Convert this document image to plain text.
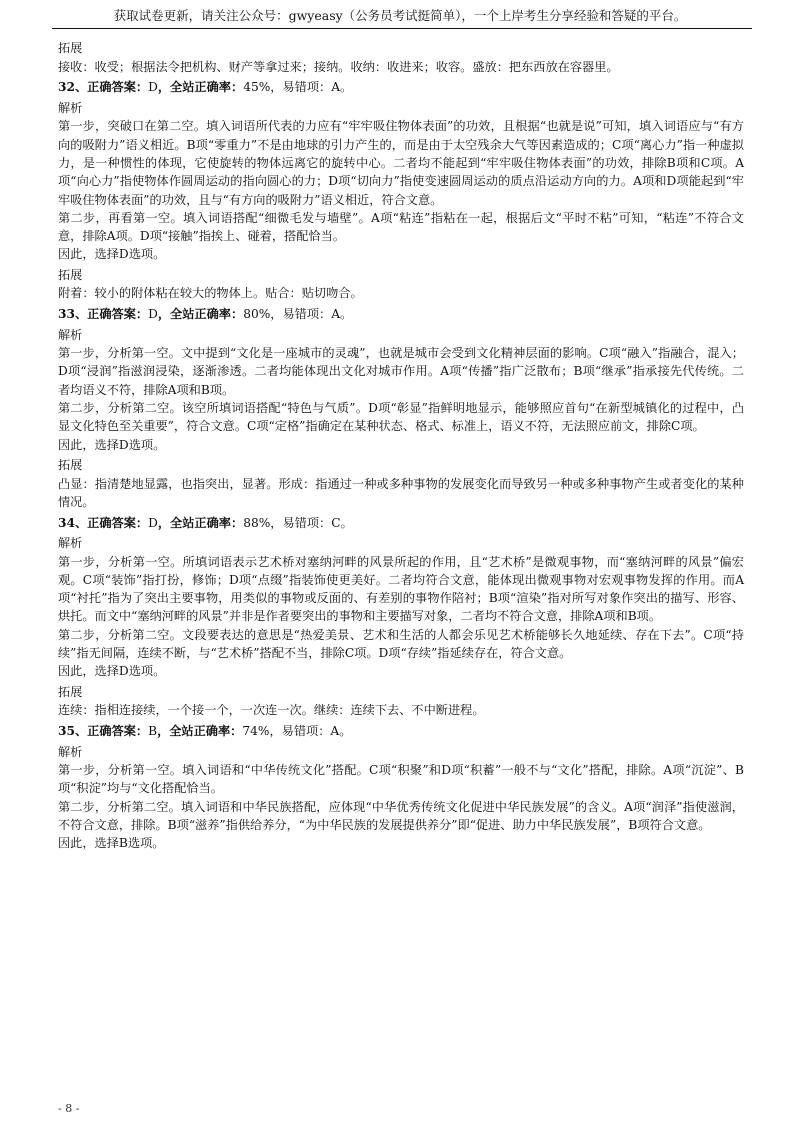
获取试卷更新，请关注公众号：gwyeasy（公务员考试挺简单），一个上岸考生分享经验和答疑的平台。

拓展

接收：收受；根据法令把机构、财产等拿过来；接纳。收纳：收进来；收容。盛放：把东西放在容器里。

32、正确答案：D，全站正确率：45%，易错项：A。

解析

第一步，突破口在第二空。填入词语所代表的力应有“牢牢吸住物体表面”的功效，且根据“也就是说”可知，填入词语应与“有方向的吸附力”语义相近。B项“零重力”不是由地球的引力产生的，而是由于太空残余大气等因素造成的；C项“离心力”指一种虚拟力，是一种惯性的体现，它使旋转的物体远离它的旋转中心。二者均不能起到“牢牢吸住物体表面”的功效，排除B项和C项。A项“向心力”指使物体作圆周运动的指向圆心的力；D项“切向力”指使变速圆周运动的质点沿运动方向的力。A项和D项能起到“牢牢吸住物体表面”的功效，且与“有方向的吸附力”语义相近，符合文意。

第二步，再看第一空。填入词语搭配“细微毛发与墙壁”。A项“粘连”指粘在一起，根据后文“平时不粘”可知，“粘连”不符合文意，排除A项。D项“接触”指挨上、碰着，搭配恰当。

因此，选择D选项。

拓展

附着：较小的附体粘在较大的物体上。贴合：贴切吻合。

33、正确答案：D，全站正确率：80%，易错项：A。

解析

第一步，分析第一空。文中提到“文化是一座城市的灵魂”，也就是城市会受到文化精神层面的影响。C项“融入”指融合，混入；D项“浸润”指滋润浸染，逐渐渗透。二者均能体现出文化对城市作用。A项“传播”指广泛散布；B项“继承”指承接先代传统。二者均语义不符，排除A项和B项。

第二步，分析第二空。该空所填词语搭配“特色与气质”。D项“彰显”指鲜明地显示，能够照应首句“在新型城镇化的过程中，凸显文化特色至关重要”，符合文意。C项“定格”指确定在某种状态、格式、标准上，语义不符，无法照应前文，排除C项。

因此，选择D选项。

拓展

凸显：指清楚地显露，也指突出，显著。形成：指通过一种或多种事物的发展变化而导致另一种或多种事物产生或者变化的某种情况。

34、正确答案：D，全站正确率：88%，易错项：C。

解析

第一步，分析第一空。所填词语表示艺术桥对塞纳河畔的风景所起的作用，且“艺术桥”是微观事物，而“塞纳河畔的风景”偏宏观。C项“装饰”指打扮，修饰；D项“点缀”指装饰使更美好。二者均符合文意，能体现出微观事物对宏观事物发挥的作用。而A项“衬托”指为了突出主要事物，用类似的事物或反面的、有差别的事物作陪衬；B项“渲染”指对所写对象作突出的描写、形容、烘托。而文中“塞纳河畔的风景”并非是作者要突出的事物和主要描写对象，二者均不符合文意，排除A项和B项。

第二步，分析第二空。文段要表达的意思是“热爱美景、艺术和生活的人都会乐见艺术桥能够长久地延续、存在下去”。C项“持续”指无间隔，连续不断，与“艺术桥”搭配不当，排除C项。D项“存续”指延续存在，符合文意。

因此，选择D选项。

拓展

连续：指相连接续，一个接一个，一次连一次。继续：连续下去、不中断进程。

35、正确答案：B，全站正确率：74%，易错项：A。

解析

第一步，分析第一空。填入词语和“中华传统文化”搭配。C项“积聚”和D项“积蓄”一般不与“文化”搭配，排除。A项“沉淀”、B 项“积淀”均与“文化搭配恰当。

第二步，分析第二空。填入词语和中华民族搭配，应体现“中华优秀传统文化促进中华民族发展”的含义。A项“润泽”指使滋润，不符合文意，排除。B项“滋养”指供给养分，“为中华民族的发展提供养分”即“促进、助力中华民族发展”，B项符合文意。

因此，选择B选项。

- 8 -
